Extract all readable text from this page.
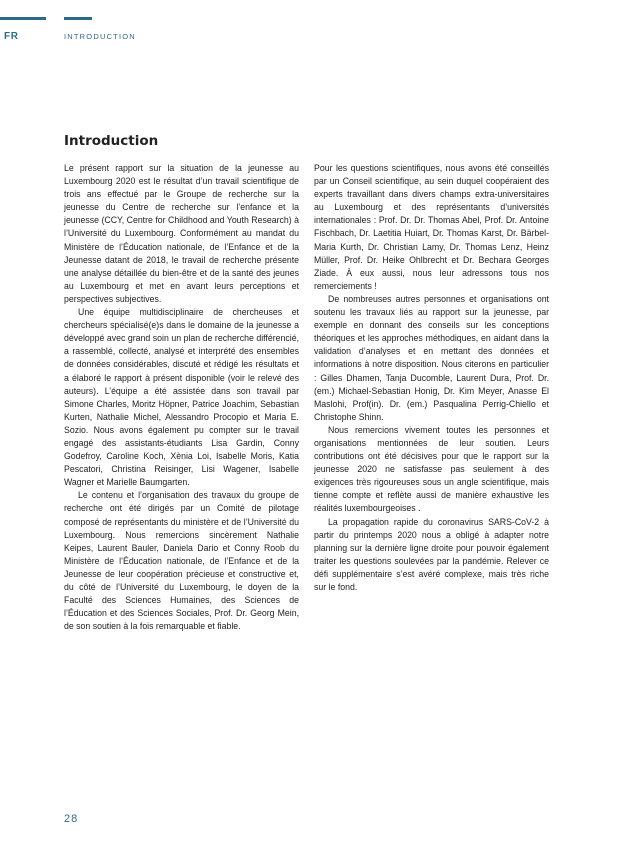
FR	INTRODUCTION
Introduction

Le présent rapport sur la situation de la jeunesse au Luxembourg 2020 est le résultat d’un travail scientifique de trois ans effectué par le Groupe de recherche sur la jeunesse du Centre de recherche sur l’enfance et la jeunesse (CCY, Centre for Childhood and Youth Research) à l’Université du Luxembourg. Conformément au mandat du Ministère de l’Éducation nationale, de l’Enfance et de la Jeunesse datant de 2018, le travail de recherche présente une analyse détaillée du bien-être et de la santé des jeunes au Luxembourg et met en avant leurs perceptions et perspectives subjectives.

Une équipe multidisciplinaire de chercheuses et chercheurs spécialisé(e)s dans le domaine de la jeunesse a développé avec grand soin un plan de recherche différencié, a rassemblé, collecté, analysé et interprété des ensembles de données considérables, discuté et rédigé les résultats et a élaboré le rapport à présent disponible (voir le relevé des auteurs). L’équipe a été assistée dans son travail par Simone Charles, Moritz Höpner, Patrice Joachim, Sebastian Kurten, Nathalie Michel, Alessandro Procopio et Maria E. Sozio. Nous avons également pu compter sur le travail engagé des assistants-étudiants Lisa Gardin, Conny Godefroy, Caroline Koch, Xènia Loi, Isabelle Moris, Katia Pescatori, Christina Reisinger, Lisi Wagener, Isabelle Wagner et Marielle Baumgarten.

Le contenu et l’organisation des travaux du groupe de recherche ont été dirigés par un Comité de pilotage composé de représentants du ministère et de l’Université du Luxembourg. Nous remercions sincèrement Nathalie Keipes, Laurent Bauler, Daniela Dario et Conny Roob du Ministère de l’Éducation nationale, de l’Enfance et de la Jeunesse de leur coopération précieuse et constructive et, du côté de l’Université du Luxembourg, le doyen de la Faculté des Sciences Humaines, des Sciences de l’Éducation et des Sciences Sociales, Prof. Dr. Georg Mein, de son soutien à la fois remarquable et fiable.

Pour les questions scientifiques, nous avons été conseillés par un Conseil scientifique, au sein duquel coopéraient des experts travaillant dans divers champs extra-universitaires au Luxembourg et des représentants d’universités internationales : Prof. Dr. Dr. Thomas Abel, Prof. Dr. Antoine Fischbach, Dr. Laetitia Huiart, Dr. Thomas Karst, Dr. Bärbel-Maria Kurth, Dr. Christian Lamy, Dr. Thomas Lenz, Heinz Müller, Prof. Dr. Heike Ohlbrecht et Dr. Bechara Georges Ziade. À eux aussi, nous leur adressons tous nos remerciements !

De nombreuses autres personnes et organisations ont soutenu les travaux liés au rapport sur la jeunesse, par exemple en donnant des conseils sur les conceptions théoriques et les approches méthodiques, en aidant dans la validation d’analyses et en mettant des données et informations à notre disposition. Nous citerons en particulier : Gilles Dhamen, Tanja Ducomble, Laurent Dura, Prof. Dr. (em.) Michael-Sebastian Honig, Dr. Kim Meyer, Anasse El Maslohi, Prof(in). Dr. (em.) Pasqualina Perrig-Chiello et Christophe Shinn.

Nous remercions vivement toutes les personnes et organisations mentionnées de leur soutien. Leurs contributions ont été décisives pour que le rapport sur la jeunesse 2020 ne satisfasse pas seulement à des exigences très rigoureuses sous un angle scientifique, mais tienne compte et reflète aussi de manière exhaustive les réalités luxembourgeoises .

La propagation rapide du coronavirus SARS-CoV-2 à partir du printemps 2020 nous a obligé à adapter notre planning sur la dernière ligne droite pour pouvoir également traiter les questions soulevées par la pandémie. Relever ce défi supplémentaire s’est avéré complexe, mais très riche sur le fond.

28
